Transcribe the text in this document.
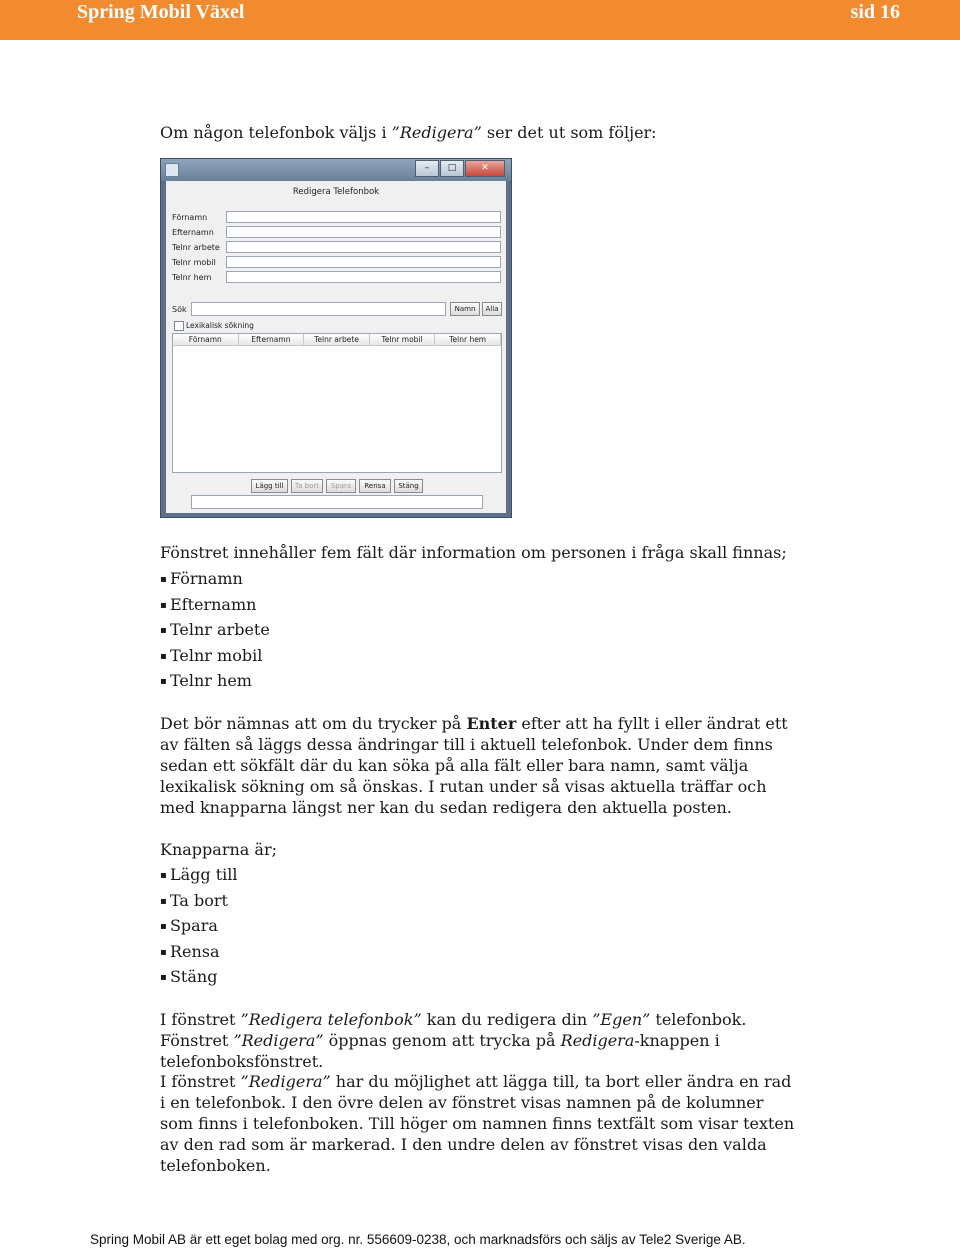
Spring Mobil Växel	sid 16

Om någon telefonbok väljs i ”Redigera” ser det ut som följer:

–	□	✕
Redigera Telefonbok
Förnamn
Efternamn
Telnr arbete
Telnr mobil
Telnr hem
Sök	Namn	Alla
Lexikalisk sökning
Förnamn	Efternamn	Telnr arbete	Telnr mobil	Telnr hem
Lägg till	Ta bort	Spara	Rensa	Stäng

Fönstret innehåller fem fält där information om personen i fråga skall finnas;

▪ Förnamn
▪ Efternamn
▪ Telnr arbete
▪ Telnr mobil
▪ Telnr hem

Det bör nämnas att om du trycker på Enter efter att ha fyllt i eller ändrat ett av fälten så läggs dessa ändringar till i aktuell telefonbok. Under dem finns sedan ett sökfält där du kan söka på alla fält eller bara namn, samt välja lexikalisk sökning om så önskas. I rutan under så visas aktuella träffar och med knapparna längst ner kan du sedan redigera den aktuella posten.

Knapparna är;

▪ Lägg till
▪ Ta bort
▪ Spara
▪ Rensa
▪ Stäng

I fönstret ”Redigera telefonbok” kan du redigera din ”Egen” telefonbok. Fönstret ”Redigera” öppnas genom att trycka på Redigera-knappen i telefonboksfönstret.

I fönstret ”Redigera” har du möjlighet att lägga till, ta bort eller ändra en rad i en telefonbok. I den övre delen av fönstret visas namnen på de kolumner som finns i telefonboken. Till höger om namnen finns textfält som visar texten av den rad som är markerad. I den undre delen av fönstret visas den valda telefonboken.

Spring Mobil AB är ett eget bolag med org. nr. 556609-0238, och marknadsförs och säljs av Tele2 Sverige AB.
